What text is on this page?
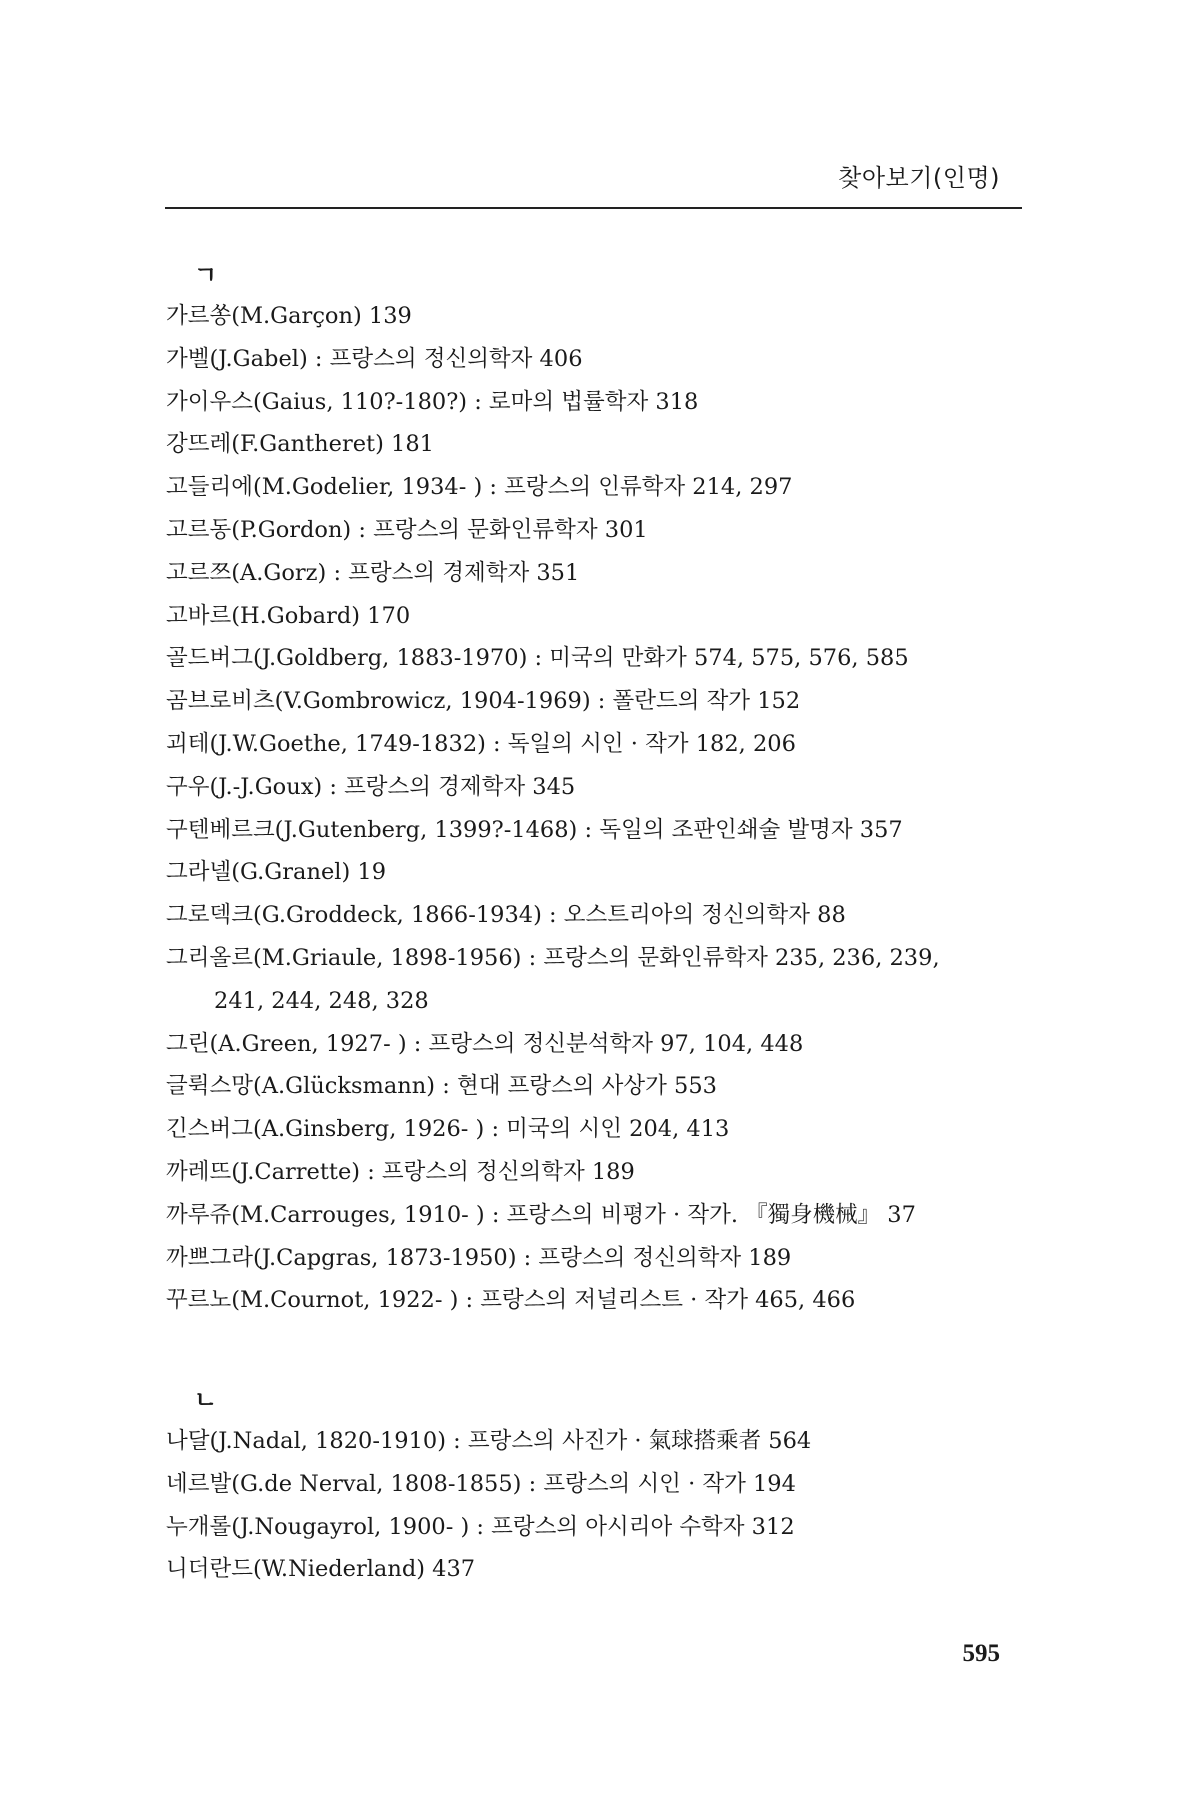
찾아보기(인명)
ㄱ
가르쏭(M.Garçon) 139
가벨(J.Gabel) : 프랑스의 정신의학자 406
가이우스(Gaius, 110?-180?) : 로마의 법률학자 318
강뜨레(F.Gantheret) 181
고들리에(M.Godelier, 1934- ) : 프랑스의 인류학자 214, 297
고르동(P.Gordon) : 프랑스의 문화인류학자 301
고르쯔(A.Gorz) : 프랑스의 경제학자 351
고바르(H.Gobard) 170
골드버그(J.Goldberg, 1883-1970) : 미국의 만화가 574, 575, 576, 585
곰브로비츠(V.Gombrowicz, 1904-1969) : 폴란드의 작가 152
괴테(J.W.Goethe, 1749-1832) : 독일의 시인 · 작가 182, 206
구우(J.-J.Goux) : 프랑스의 경제학자 345
구텐베르크(J.Gutenberg, 1399?-1468) : 독일의 조판인쇄술 발명자 357
그라넬(G.Granel) 19
그로덱크(G.Groddeck, 1866-1934) : 오스트리아의 정신의학자 88
그리올르(M.Griaule, 1898-1956) : 프랑스의 문화인류학자 235, 236, 239,
241, 244, 248, 328
그린(A.Green, 1927- ) : 프랑스의 정신분석학자 97, 104, 448
글뤽스망(A.Glücksmann) : 현대 프랑스의 사상가 553
긴스버그(A.Ginsberg, 1926- ) : 미국의 시인 204, 413
까레뜨(J.Carrette) : 프랑스의 정신의학자 189
까루쥬(M.Carrouges, 1910- ) : 프랑스의 비평가 · 작가. 『獨身機械』 37
까쁘그라(J.Capgras, 1873-1950) : 프랑스의 정신의학자 189
꾸르노(M.Cournot, 1922- ) : 프랑스의 저널리스트 · 작가 465, 466
ㄴ
나달(J.Nadal, 1820-1910) : 프랑스의 사진가 · 氣球搭乘者 564
네르발(G.de Nerval, 1808-1855) : 프랑스의 시인 · 작가 194
누개롤(J.Nougayrol, 1900- ) : 프랑스의 아시리아 수학자 312
니더란드(W.Niederland) 437
595
